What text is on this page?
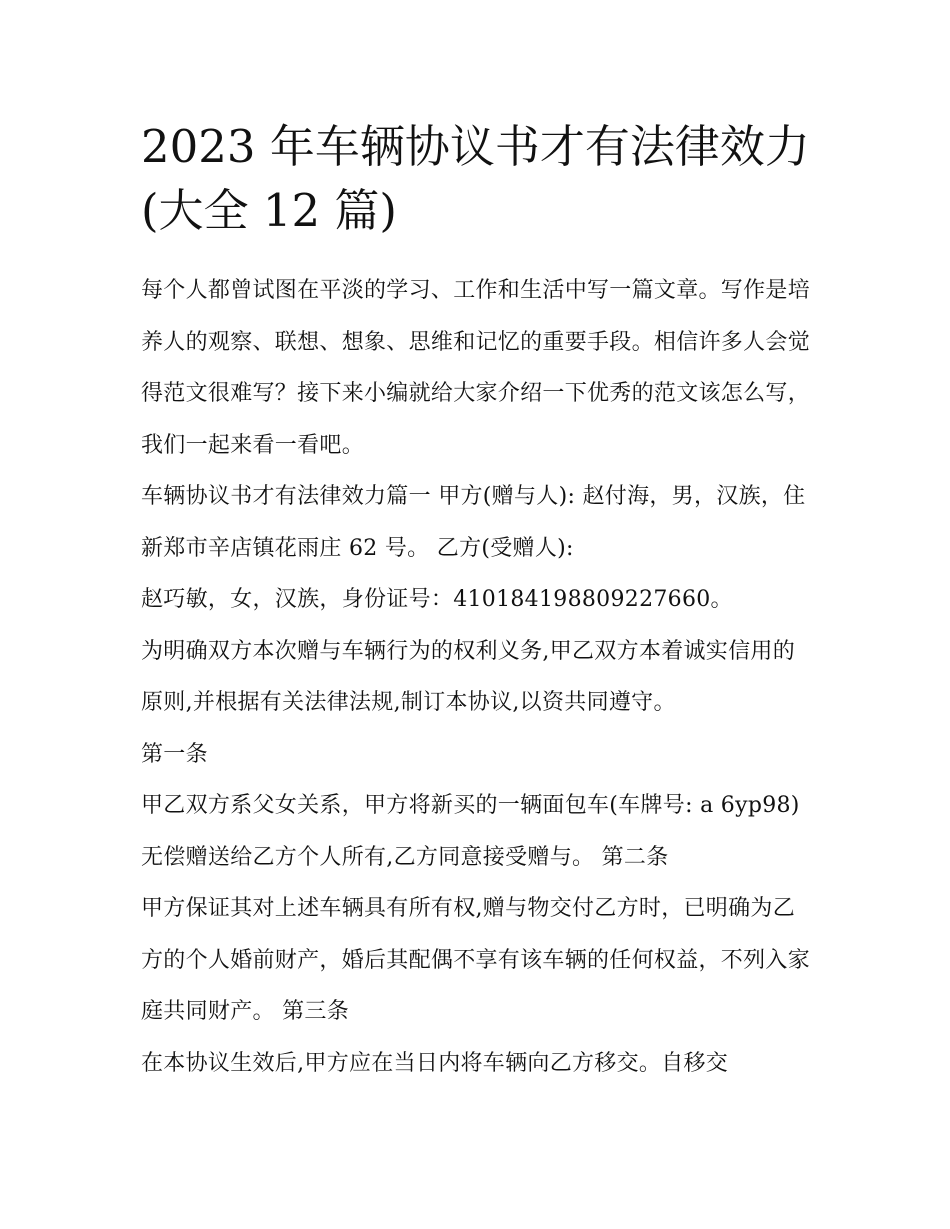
2023 年车辆协议书才有法律效力(大全 12 篇)

每个人都曾试图在平淡的学习、工作和生活中写一篇文章。写作是培养人的观察、联想、想象、思维和记忆的重要手段。相信许多人会觉得范文很难写？接下来小编就给大家介绍一下优秀的范文该怎么写，我们一起来看一看吧。

车辆协议书才有法律效力篇一 甲方(赠与人): 赵付海，男，汉族，住新郑市辛店镇花雨庄 62 号。 乙方(受赠人):

赵巧敏，女，汉族，身份证号：410184198809227660。

为明确双方本次赠与车辆行为的权利义务,甲乙双方本着诚实信用的原则,并根据有关法律法规,制订本协议,以资共同遵守。

第一条

甲乙双方系父女关系，甲方将新买的一辆面包车(车牌号: a 6yp98)无偿赠送给乙方个人所有,乙方同意接受赠与。 第二条

甲方保证其对上述车辆具有所有权,赠与物交付乙方时，已明确为乙方的个人婚前财产，婚后其配偶不享有该车辆的任何权益，不列入家庭共同财产。 第三条

在本协议生效后,甲方应在当日内将车辆向乙方移交。自移交
